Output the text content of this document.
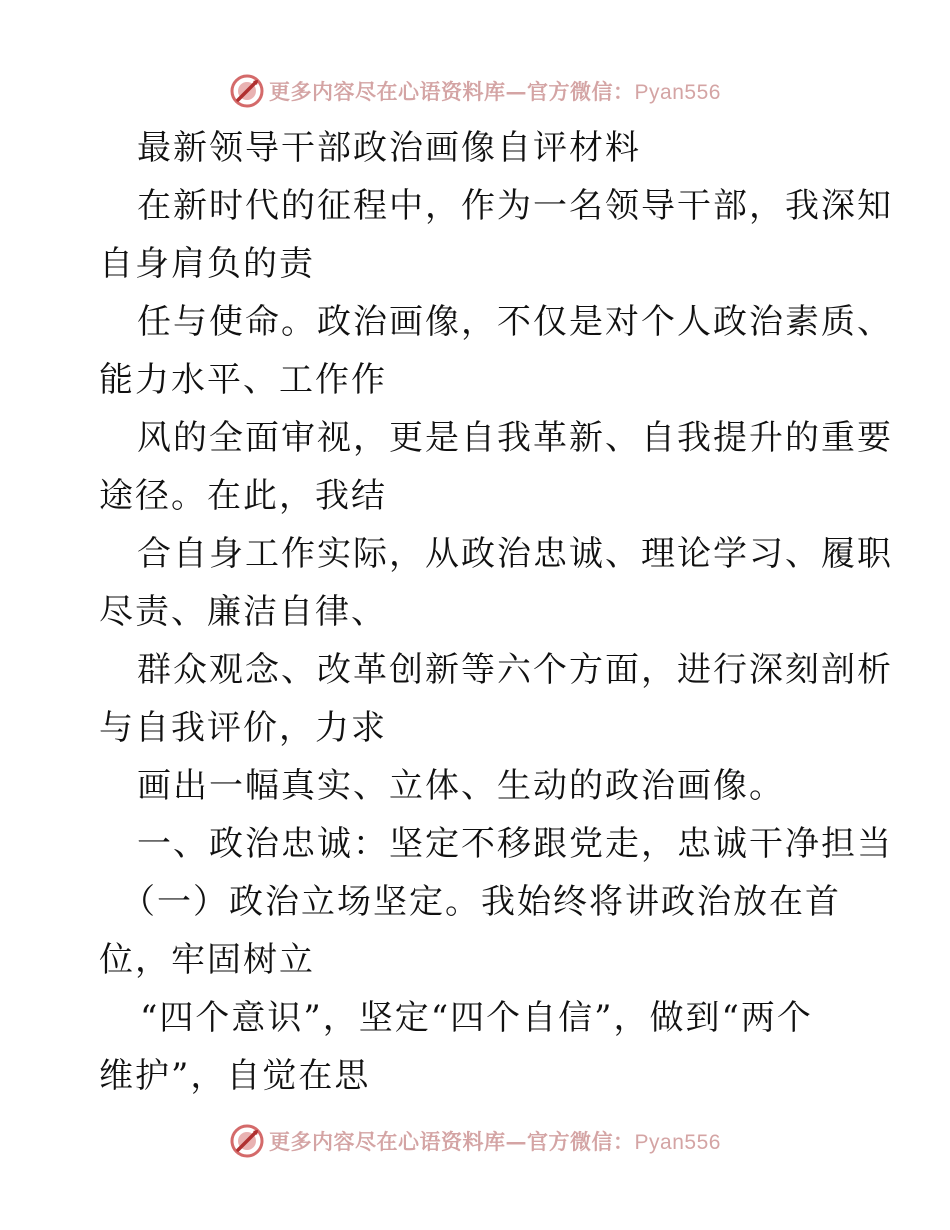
更多内容尽在心语资料库—官方微信：Pyan556
最新领导干部政治画像自评材料
在新时代的征程中，作为一名领导干部，我深知
自身肩负的责
任与使命。政治画像，不仅是对个人政治素质、
能力水平、工作作
风的全面审视，更是自我革新、自我提升的重要
途径。在此，我结
合自身工作实际，从政治忠诚、理论学习、履职
尽责、廉洁自律、
群众观念、改革创新等六个方面，进行深刻剖析
与自我评价，力求
画出一幅真实、立体、生动的政治画像。
一、政治忠诚：坚定不移跟党走，忠诚干净担当
（一）政治立场坚定。我始终将讲政治放在首
位，牢固树立
“四个意识”，坚定“四个自信”，做到“两个
维护”，自觉在思
更多内容尽在心语资料库—官方微信：Pyan556
